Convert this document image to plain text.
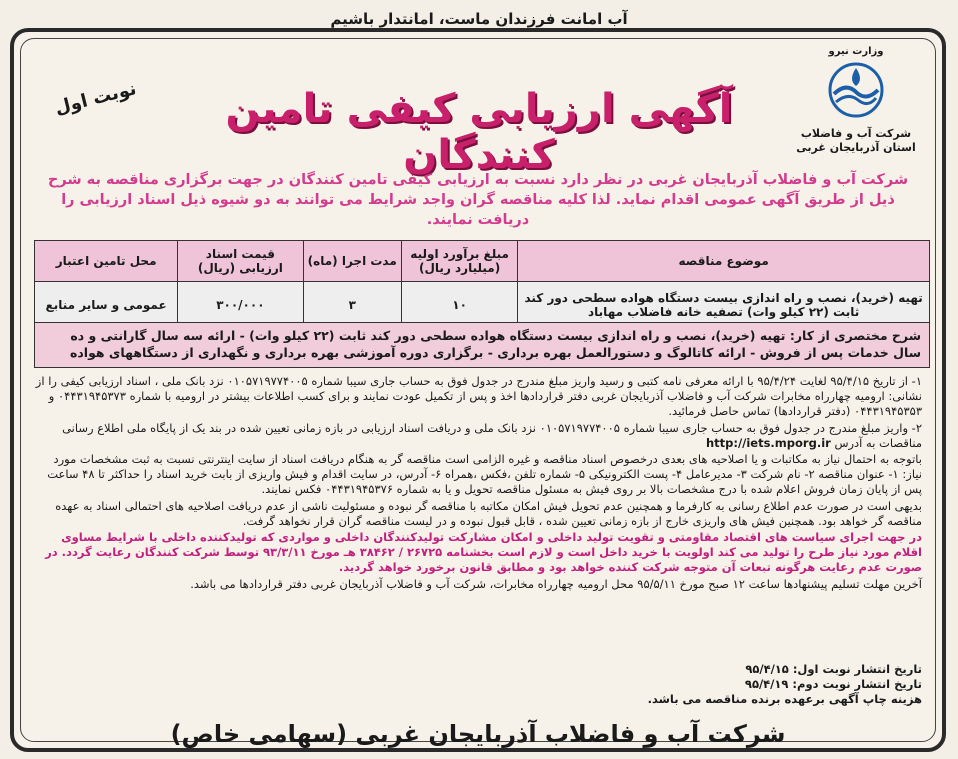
آب امانت فرزندان ماست، امانتدار باشیم
وزارت نیرو
شرکت آب و فاضلاب
استان آذربایجان غربی
نوبت اول	آگهی ارزیابی کیفی تامین کنندگان
شرکت آب و فاضلاب آذربایجان غربی در نظر دارد نسبت به ارزیابی کیفی تامین کنندگان در جهت برگزاری مناقصه به شرح ذیل از طریق آگهی عمومی اقدام نماید. لذا کلیه مناقصه گران واجد شرایط می توانند به دو شیوه ذیل اسناد ارزیابی را دریافت نمایند.
موضوع مناقصه	مبلغ برآورد اولیه (میلیارد ریال)	مدت اجرا (ماه)	قیمت اسناد ارزیابی (ریال)	محل تامین اعتبار
تهیه (خرید)، نصب و راه اندازی بیست دستگاه هواده سطحی دور کند ثابت (۲۲ کیلو وات) تصفیه خانه فاضلاب مهاباد	۱۰	۳	۳۰۰/۰۰۰	عمومی و سایر منابع
شرح مختصری از کار: تهیه (خرید)، نصب و راه اندازی بیست دستگاه هواده سطحی دور کند ثابت (۲۲ کیلو وات) - ارائه سه سال گارانتی و ده سال خدمات پس از فروش - ارائه کاتالوگ و دستورالعمل بهره برداری - برگزاری دوره آموزشی بهره برداری و نگهداری از دستگاههای هواده

۱- از تاریخ ۹۵/۴/۱۵ لغایت ۹۵/۴/۲۴ با ارائه معرفی نامه کتبی و رسید واریز مبلغ مندرج در جدول فوق به حساب جاری سیبا شماره ۰۱۰۵۷۱۹۷۷۴۰۰۵ نزد بانک ملی ، اسناد ارزیابی کیفی را از نشانی: ارومیه چهارراه مخابرات شرکت آب و فاضلاب آذربایجان غربی دفتر قراردادها اخذ و پس از تکمیل عودت نمایند و برای کسب اطلاعات بیشتر در ارومیه با شماره ۰۴۴۳۱۹۴۵۳۷۳ و ۰۴۴۳۱۹۴۵۳۵۳ (دفتر قراردادها) تماس حاصل فرمائید.

۲- واریز مبلغ مندرج در جدول فوق به حساب جاری سیبا شماره ۰۱۰۵۷۱۹۷۷۴۰۰۵ نزد بانک ملی و دریافت اسناد ارزیابی در بازه زمانی تعیین شده در بند یک از پایگاه ملی اطلاع رسانی مناقصات به آدرس http://iets.mporg.ir

باتوجه به احتمال نیاز به مکاتبات و یا اصلاحیه های بعدی درخصوص اسناد مناقصه و غیره الزامی است مناقصه گر به هنگام دریافت اسناد از سایت اینترنتی نسبت به ثبت مشخصات مورد نیاز: ۱- عنوان مناقصه ۲- نام شرکت ۳- مدیرعامل ۴- پست الکترونیکی ۵- شماره تلفن ،فکس ،همراه ۶- آدرس، در سایت اقدام و فیش واریزی از بابت خرید اسناد را حداکثر تا ۴۸ ساعت پس از پایان زمان فروش اعلام شده با درج مشخصات بالا بر روی فیش به مسئول مناقصه تحویل و یا به شماره ۰۴۴۳۱۹۴۵۳۷۶ فکس نمایند.

بدیهی است در صورت عدم اطلاع رسانی به کارفرما و همچنین عدم تحویل فیش امکان مکاتبه با مناقصه گر نبوده و مسئولیت ناشی از عدم دریافت اصلاحیه های احتمالی اسناد به عهده مناقصه گر خواهد بود. همچنین فیش های واریزی خارج از بازه زمانی تعیین شده ، قابل قبول نبوده و در لیست مناقصه گران قرار نخواهد گرفت.

در جهت اجرای سیاست های اقتصاد مقاومتی و تقویت تولید داخلی و امکان مشارکت تولیدکنندگان داخلی و مواردی که تولیدکننده داخلی با شرایط مساوی اقلام مورد نیاز طرح را تولید می کند اولویت با خرید داخل است و لازم است بخشنامه ۲۶۷۲۵ / ۳۸۴۶۲ هـ مورخ ۹۳/۳/۱۱ توسط شرکت کنندگان رعایت گردد. در صورت عدم رعایت هرگونه تبعات آن متوجه شرکت کننده خواهد بود و مطابق قانون برخورد خواهد گردید.

آخرین مهلت تسلیم پیشنهادها ساعت ۱۲ صبح مورخ ۹۵/۵/۱۱ محل ارومیه چهارراه مخابرات، شرکت آب و فاضلاب آذربایجان غربی دفتر قراردادها می باشد.

تاریخ انتشار نوبت اول: ۹۵/۴/۱۵
تاریخ انتشار نوبت دوم: ۹۵/۴/۱۹
هزینه چاپ آگهی برعهده برنده مناقصه می باشد.
شرکت آب و فاضلاب آذربایجان غربی (سهامی خاص)
